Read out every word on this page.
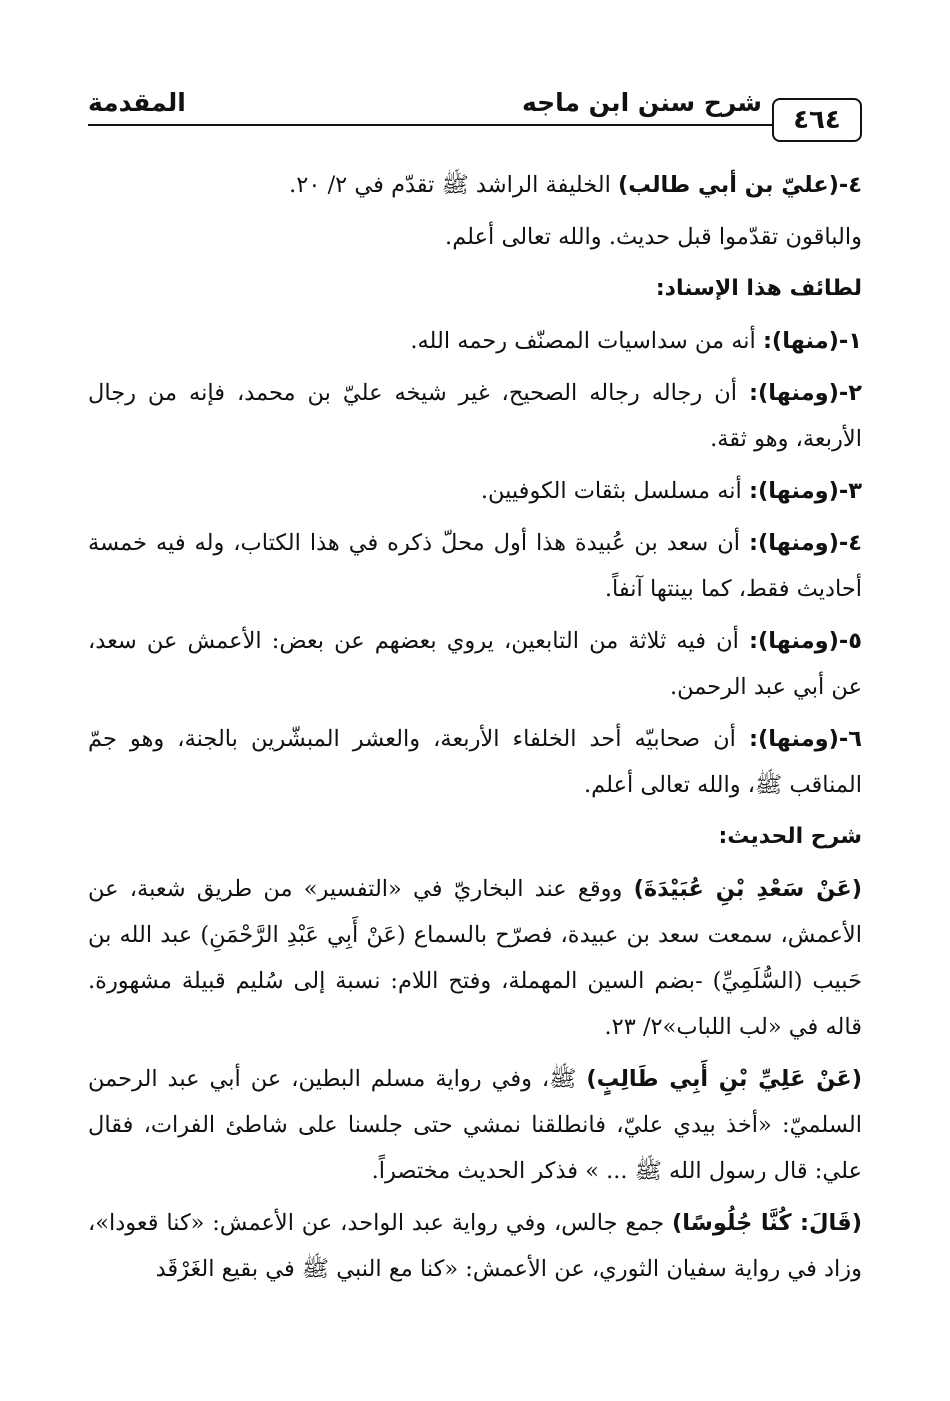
٤٦٤
شرح سنن ابن ماجه
المقدمة

٤-(عليّ بن أبي طالب) الخليفة الراشد ﷺ تقدّم في ٢/ ٢٠.

والباقون تقدّموا قبل حديث. والله تعالى أعلم.

لطائف هذا الإسناد:

١-(منها): أنه من سداسيات المصنّف رحمه الله.

٢-(ومنها): أن رجاله رجاله الصحيح، غير شيخه عليّ بن محمد، فإنه من رجال الأربعة، وهو ثقة.

٣-(ومنها): أنه مسلسل بثقات الكوفيين.

٤-(ومنها): أن سعد بن عُبيدة هذا أول محلّ ذكره في هذا الكتاب، وله فيه خمسة أحاديث فقط، كما بينتها آنفاً.

٥-(ومنها): أن فيه ثلاثة من التابعين، يروي بعضهم عن بعض: الأعمش عن سعد، عن أبي عبد الرحمن.

٦-(ومنها): أن صحابيّه أحد الخلفاء الأربعة، والعشر المبشّرين بالجنة، وهو جمّ المناقب ﷺ، والله تعالى أعلم.

شرح الحديث:

(عَنْ سَعْدِ بْنِ عُبَيْدَةَ) ووقع عند البخاريّ في «التفسير» من طريق شعبة، عن الأعمش، سمعت سعد بن عبيدة، فصرّح بالسماع (عَنْ أَبِي عَبْدِ الرَّحْمَنِ) عبد الله بن حَبيب (السُّلَمِيِّ) -بضم السين المهملة، وفتح اللام: نسبة إلى سُليم قبيلة مشهورة. قاله في «لب اللباب»٢/ ٢٣.

(عَنْ عَلِيِّ بْنِ أَبِي طَالِبٍ) ﷺ، وفي رواية مسلم البطين، عن أبي عبد الرحمن السلميّ: «أخذ بيدي عليّ، فانطلقنا نمشي حتى جلسنا على شاطئ الفرات، فقال علي: قال رسول الله ﷺ ... » فذكر الحديث مختصراً.

(قَالَ: كُنَّا جُلُوسًا) جمع جالس، وفي رواية عبد الواحد، عن الأعمش: «كنا قعودا»، وزاد في رواية سفيان الثوري، عن الأعمش: «كنا مع النبي ﷺ في بقيع الغَرْقَد
